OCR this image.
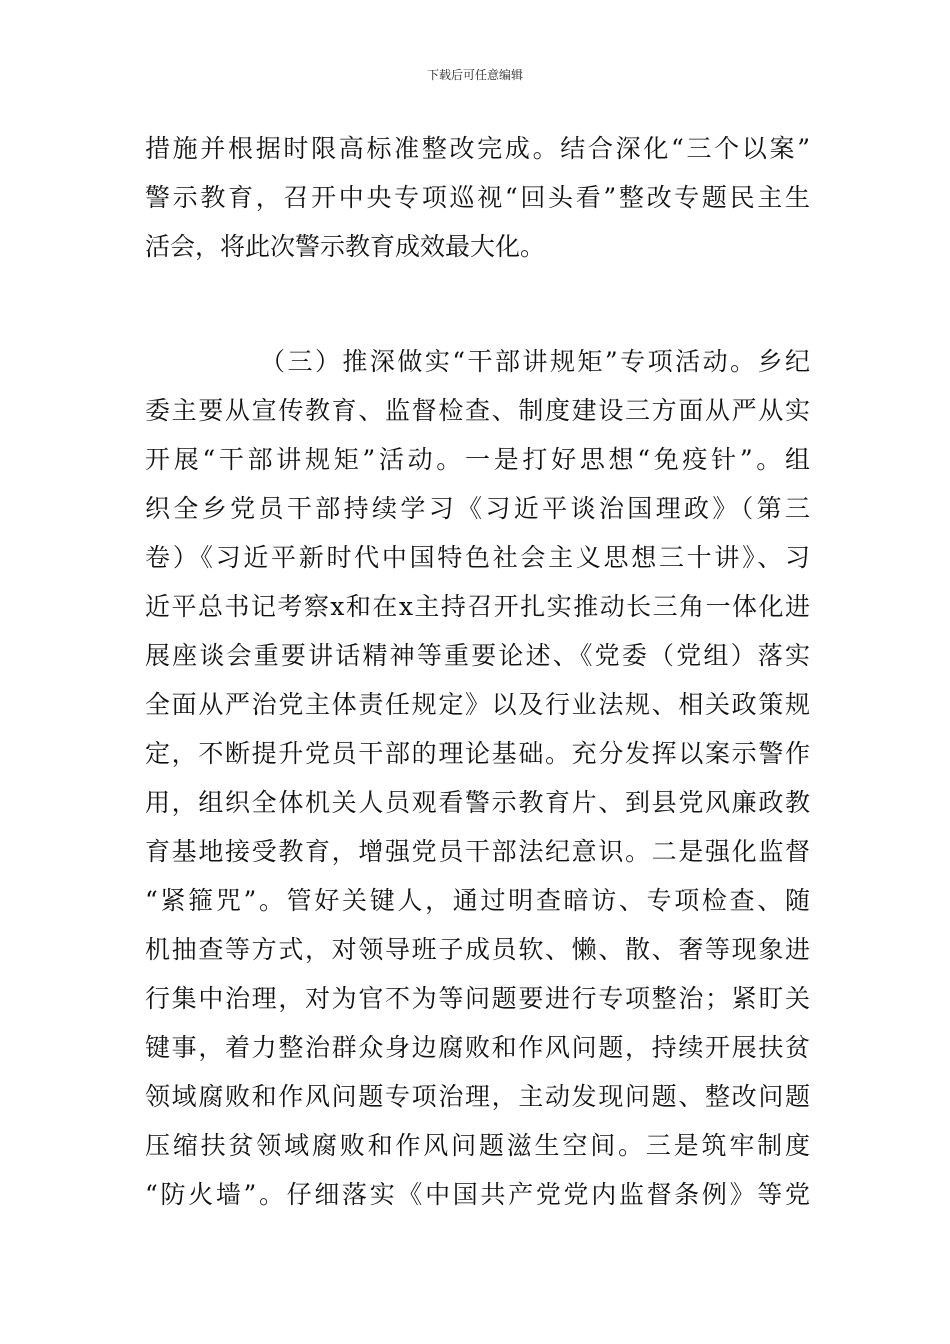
下载后可任意编辑
措施并根据时限高标准整改完成。结合深化“三个以案”
警示教育，召开中央专项巡视“回头看”整改专题民主生
活会，将此次警示教育成效最大化。
（三）推深做实“干部讲规矩”专项活动。乡纪
委主要从宣传教育、监督检查、制度建设三方面从严从实
开展“干部讲规矩”活动。一是打好思想“免疫针”。组
织全乡党员干部持续学习《习近平谈治国理政》（第三
卷）《习近平新时代中国特色社会主义思想三十讲》、习
近平总书记考察x和在x主持召开扎实推动长三角一体化进
展座谈会重要讲话精神等重要论述、《党委（党组）落实
全面从严治党主体责任规定》以及行业法规、相关政策规
定，不断提升党员干部的理论基础。充分发挥以案示警作
用，组织全体机关人员观看警示教育片、到县党风廉政教
育基地接受教育，增强党员干部法纪意识。二是强化监督
“紧箍咒”。管好关键人，通过明查暗访、专项检查、随
机抽查等方式，对领导班子成员软、懒、散、奢等现象进
行集中治理，对为官不为等问题要进行专项整治；紧盯关
键事，着力整治群众身边腐败和作风问题，持续开展扶贫
领域腐败和作风问题专项治理，主动发现问题、整改问题
压缩扶贫领域腐败和作风问题滋生空间。三是筑牢制度
“防火墙”。仔细落实《中国共产党党内监督条例》等党
